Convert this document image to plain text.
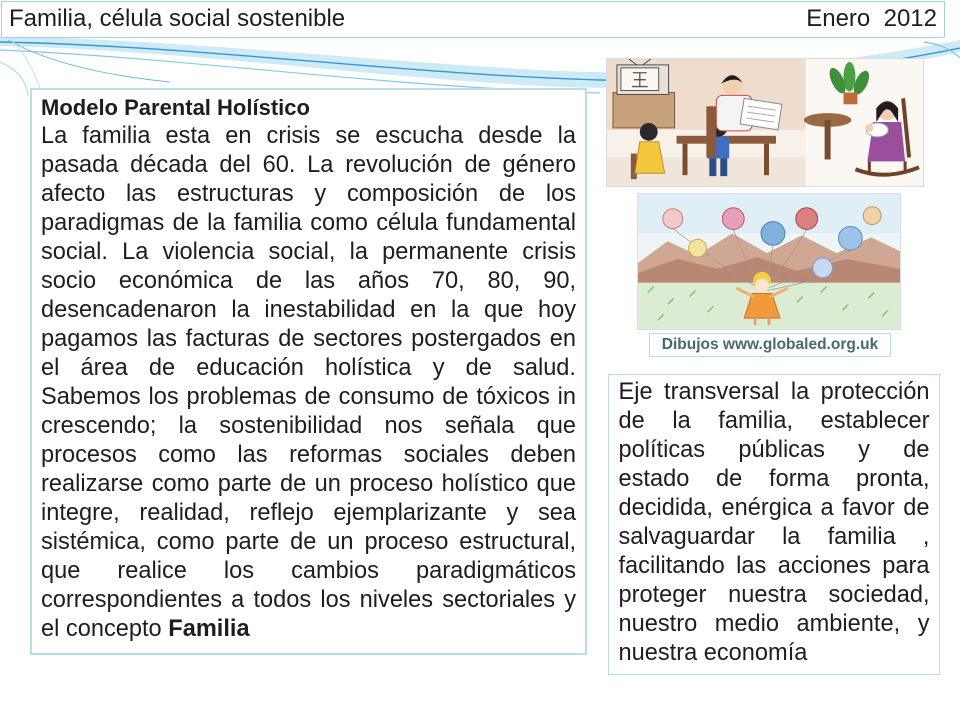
Familia, célula social sostenible	Enero  2012
Modelo Parental Holístico
La familia esta en crisis se escucha desde la
pasada década del 60. La revolución de género
afecto las estructuras y composición de los
paradigmas de la familia como célula fundamental
social. La violencia social, la permanente crisis
socio económica de las años 70, 80, 90,
desencadenaron la inestabilidad en la que hoy
pagamos las facturas de sectores postergados en
el área de educación holística y de salud.
Sabemos los problemas de consumo de tóxicos in
crescendo; la sostenibilidad nos señala que
procesos como las reformas sociales deben
realizarse como parte de un proceso holístico que
integre, realidad, reflejo ejemplarizante y sea
sistémica, como parte de un proceso estructural,
que realice los cambios paradigmáticos
correspondientes a todos los niveles sectoriales y
el concepto Familia
Dibujos www.globaled.org.uk
Eje transversal la protección
de la familia, establecer
políticas públicas y de
estado de forma pronta,
decidida, enérgica a favor de
salvaguardar la familia ,
facilitando las acciones para
proteger nuestra sociedad,
nuestro medio ambiente, y
nuestra economía
